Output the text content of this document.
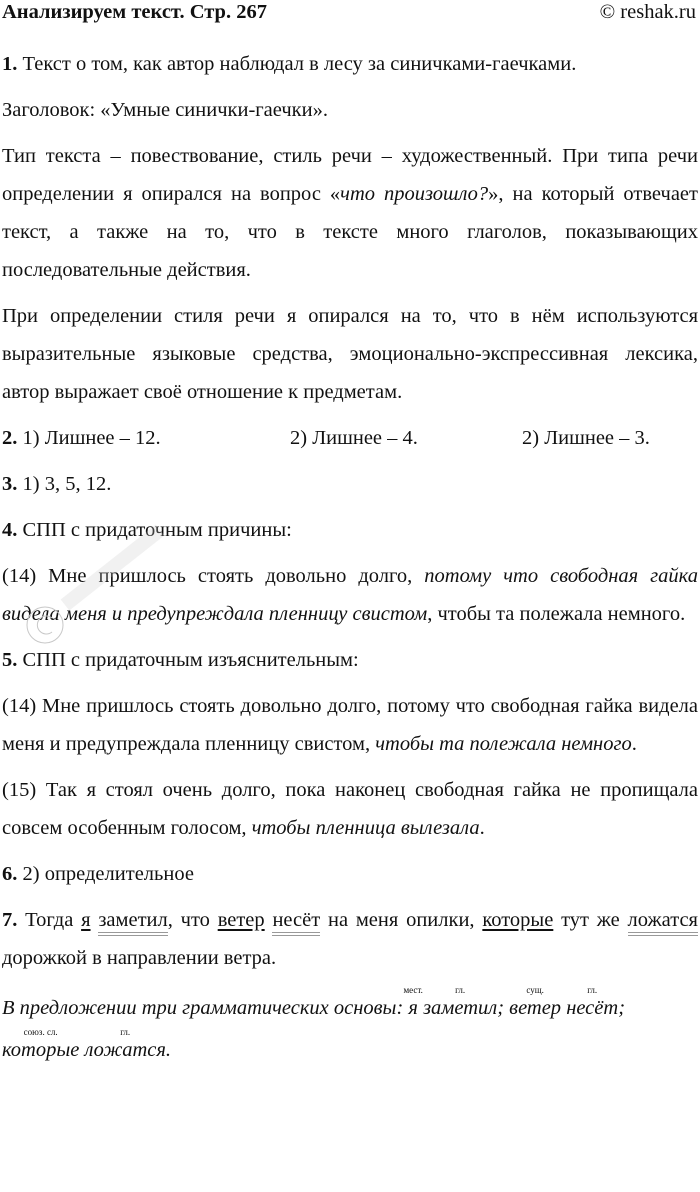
Анализируем текст. Стр. 267	© reshak.ru

1. Текст о том, как автор наблюдал в лесу за синичками-гаечками.

Заголовок: «Умные синички-гаечки».

Тип текста – повествование, стиль речи – художественный. При типа речи определении я опирался на вопрос «что произошло?», на который отвечает текст, а также на то, что в тексте много глаголов, показывающих последовательные действия.

При определении стиля речи я опирался на то, что в нём используются выразительные языковые средства, эмоционально-экспрессивная лексика, автор выражает своё отношение к предметам.

2. 1) Лишнее – 12.	2) Лишнее – 4.	2) Лишнее – 3.

3. 1) 3, 5, 12.

4. СПП с придаточным причины:

(14) Мне пришлось стоять довольно долго, потому что свободная гайка видела меня и предупреждала пленницу свистом, чтобы та полежала немного.

5. СПП с придаточным изъяснительным:

(14) Мне пришлось стоять довольно долго, потому что свободная гайка видела меня и предупреждала пленницу свистом, чтобы та полежала немного.

(15) Так я стоял очень долго, пока наконец свободная гайка не пропищала совсем особенным голосом, чтобы пленница вылезала.

6. 2) определительное

7. Тогда я заметил, что ветер несёт на меня опилки, которые тут же ложатся дорожкой в направлении ветра.

В предложении три грамматических основы:
мест.
я
гл.
заметил;
сущ.
ветер
гл.
несёт;

союз. сл.
которые
гл.
ложатся.
